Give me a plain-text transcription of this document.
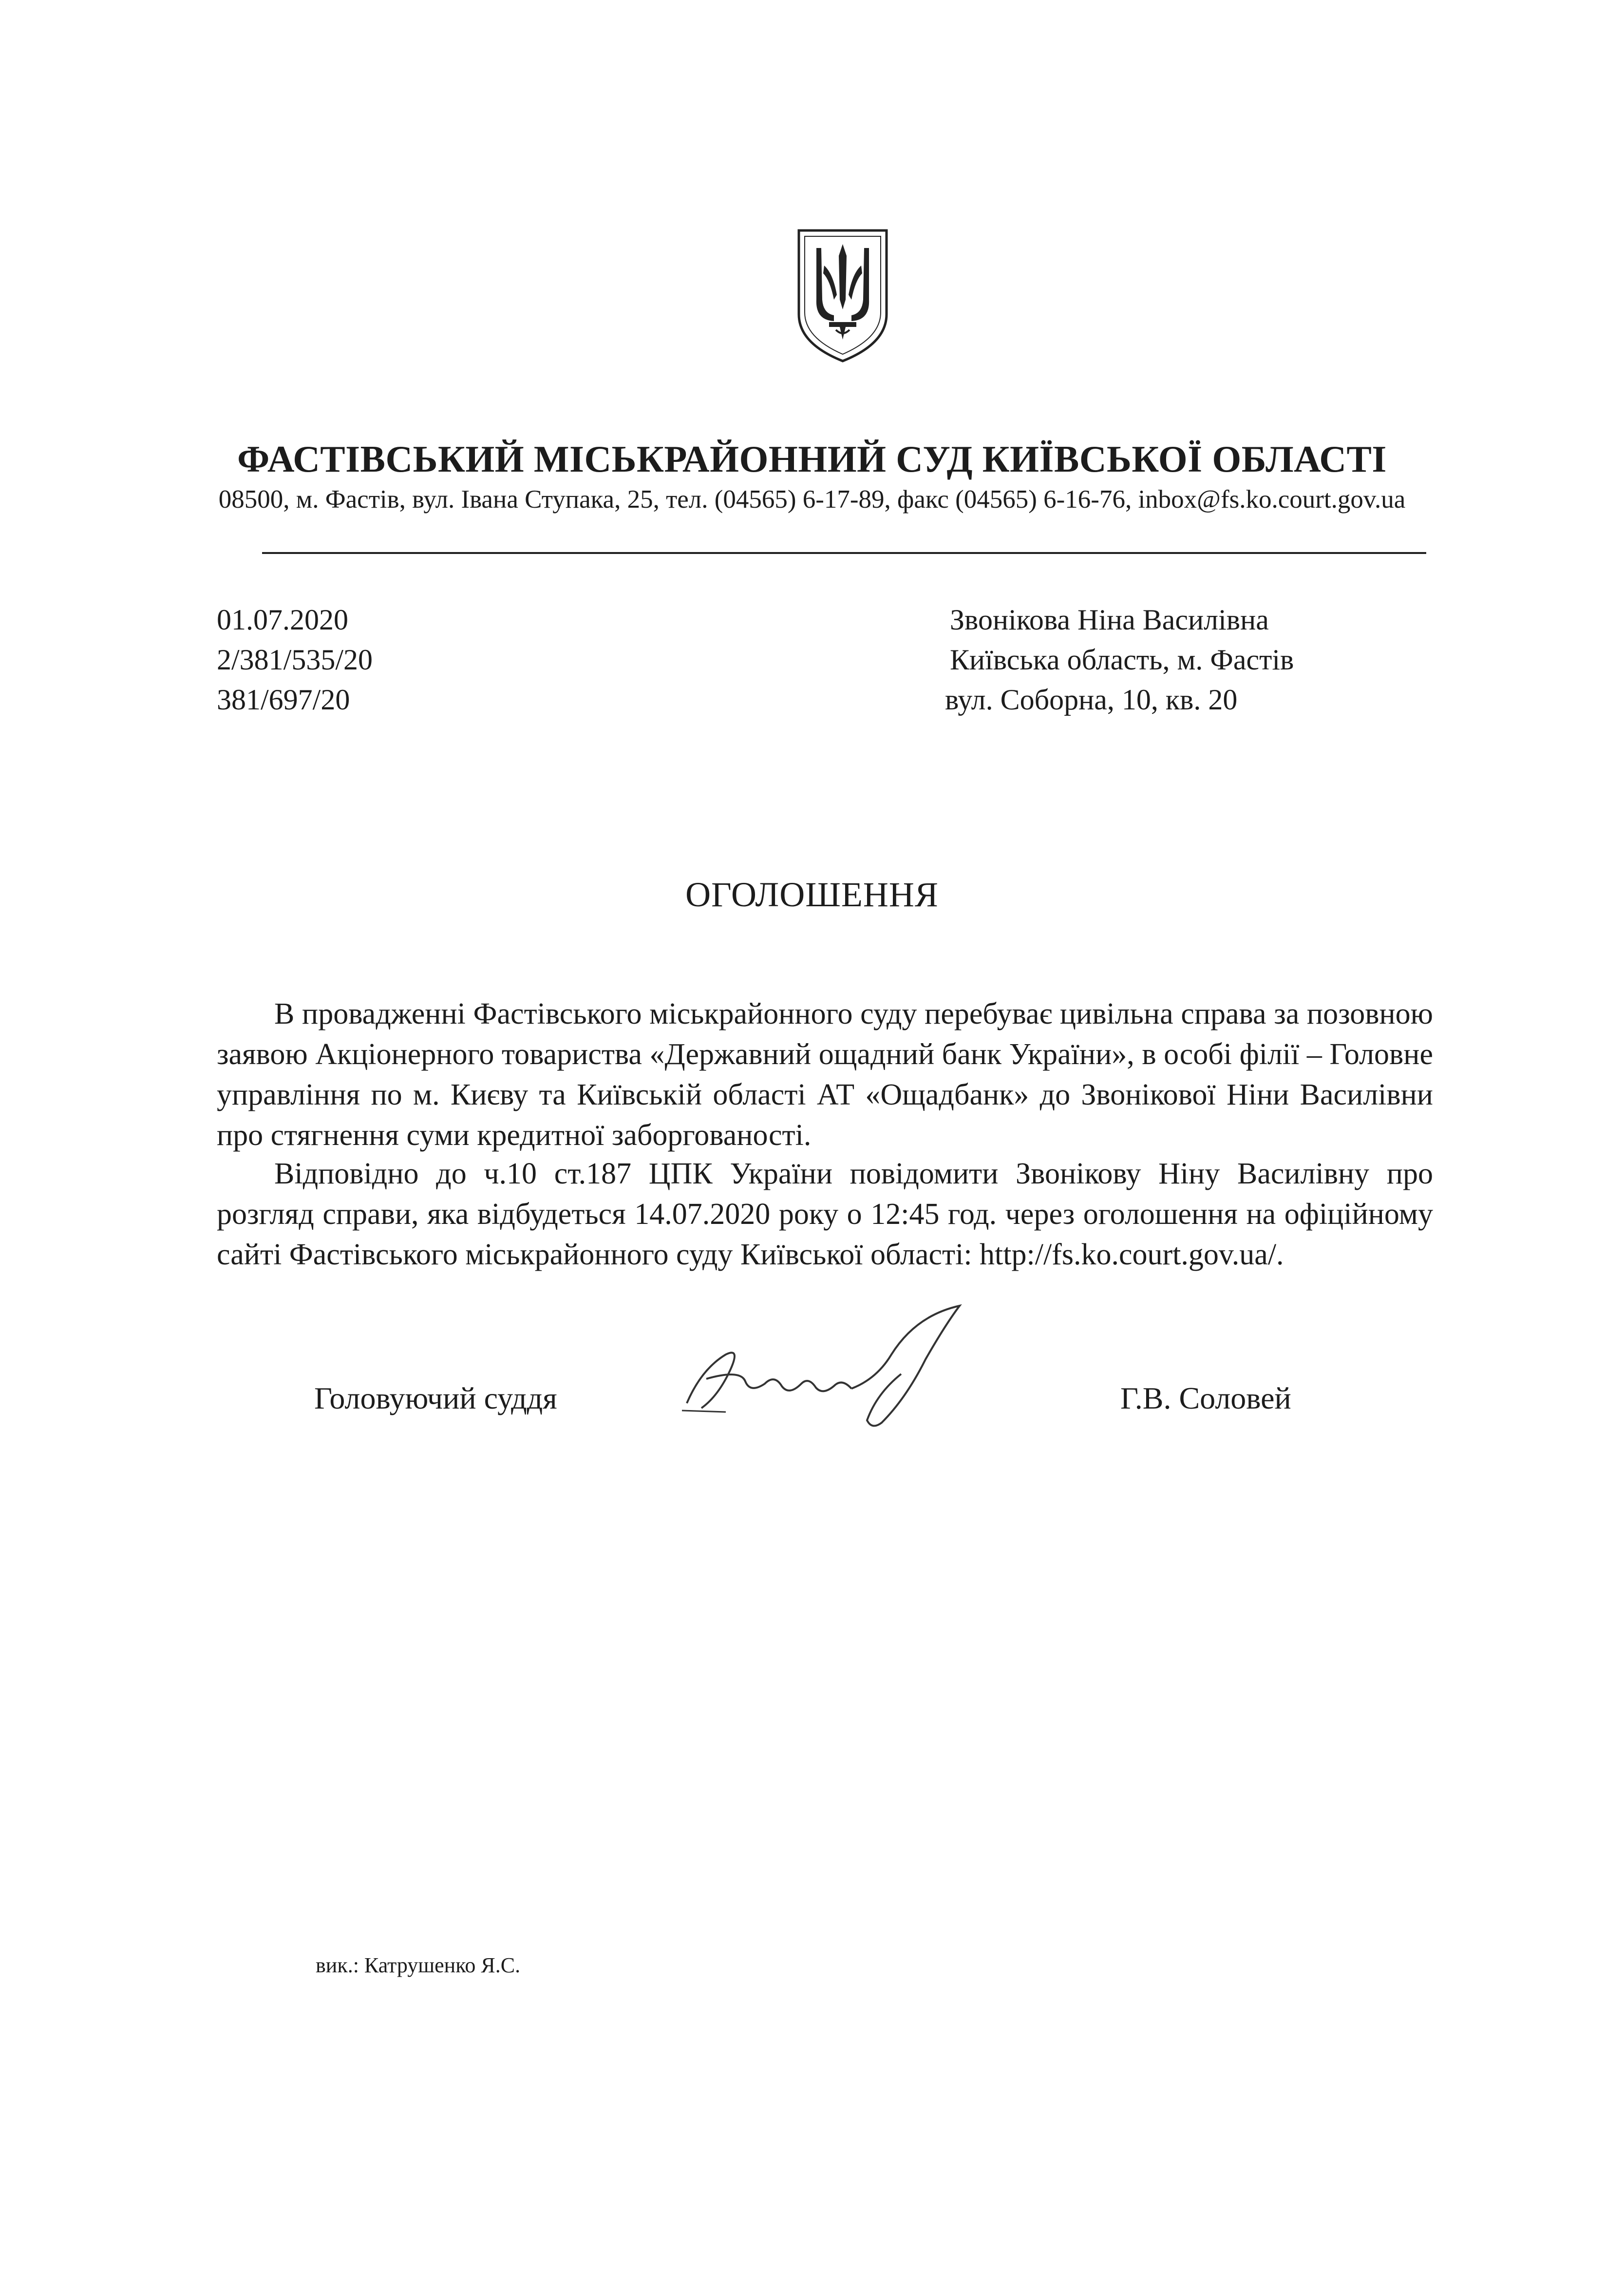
ФАСТІВСЬКИЙ МІСЬКРАЙОННИЙ СУД КИЇВСЬКОЇ ОБЛАСТІ
08500, м. Фастів, вул. Івана Ступака, 25, тел. (04565) 6-17-89, факс (04565) 6-16-76, inbox@fs.ko.court.gov.ua
01.07.2020
2/381/535/20
381/697/20
Звонікова Ніна Василівна
Київська область, м. Фастів
вул. Соборна, 10, кв. 20
ОГОЛОШЕННЯ

В провадженні Фастівського міськрайонного суду перебуває цивільна справа за позовною заявою Акціонерного товариства «Державний ощадний банк України», в особі філії – Головне управління по м. Києву та Київській області АТ «Ощадбанк» до Звонікової Ніни Василівни про стягнення суми кредитної заборгованості.

Відповідно до ч.10 ст.187 ЦПК України повідомити Звонікову Ніну Василівну про розгляд справи, яка відбудеться 14.07.2020 року о 12:45 год. через оголошення на офіційному сайті Фастівського міськрайонного суду Київської області: http://fs.ko.court.gov.ua/.

Головуючий суддя	Г.В. Соловей
вик.: Катрушенко Я.С.
